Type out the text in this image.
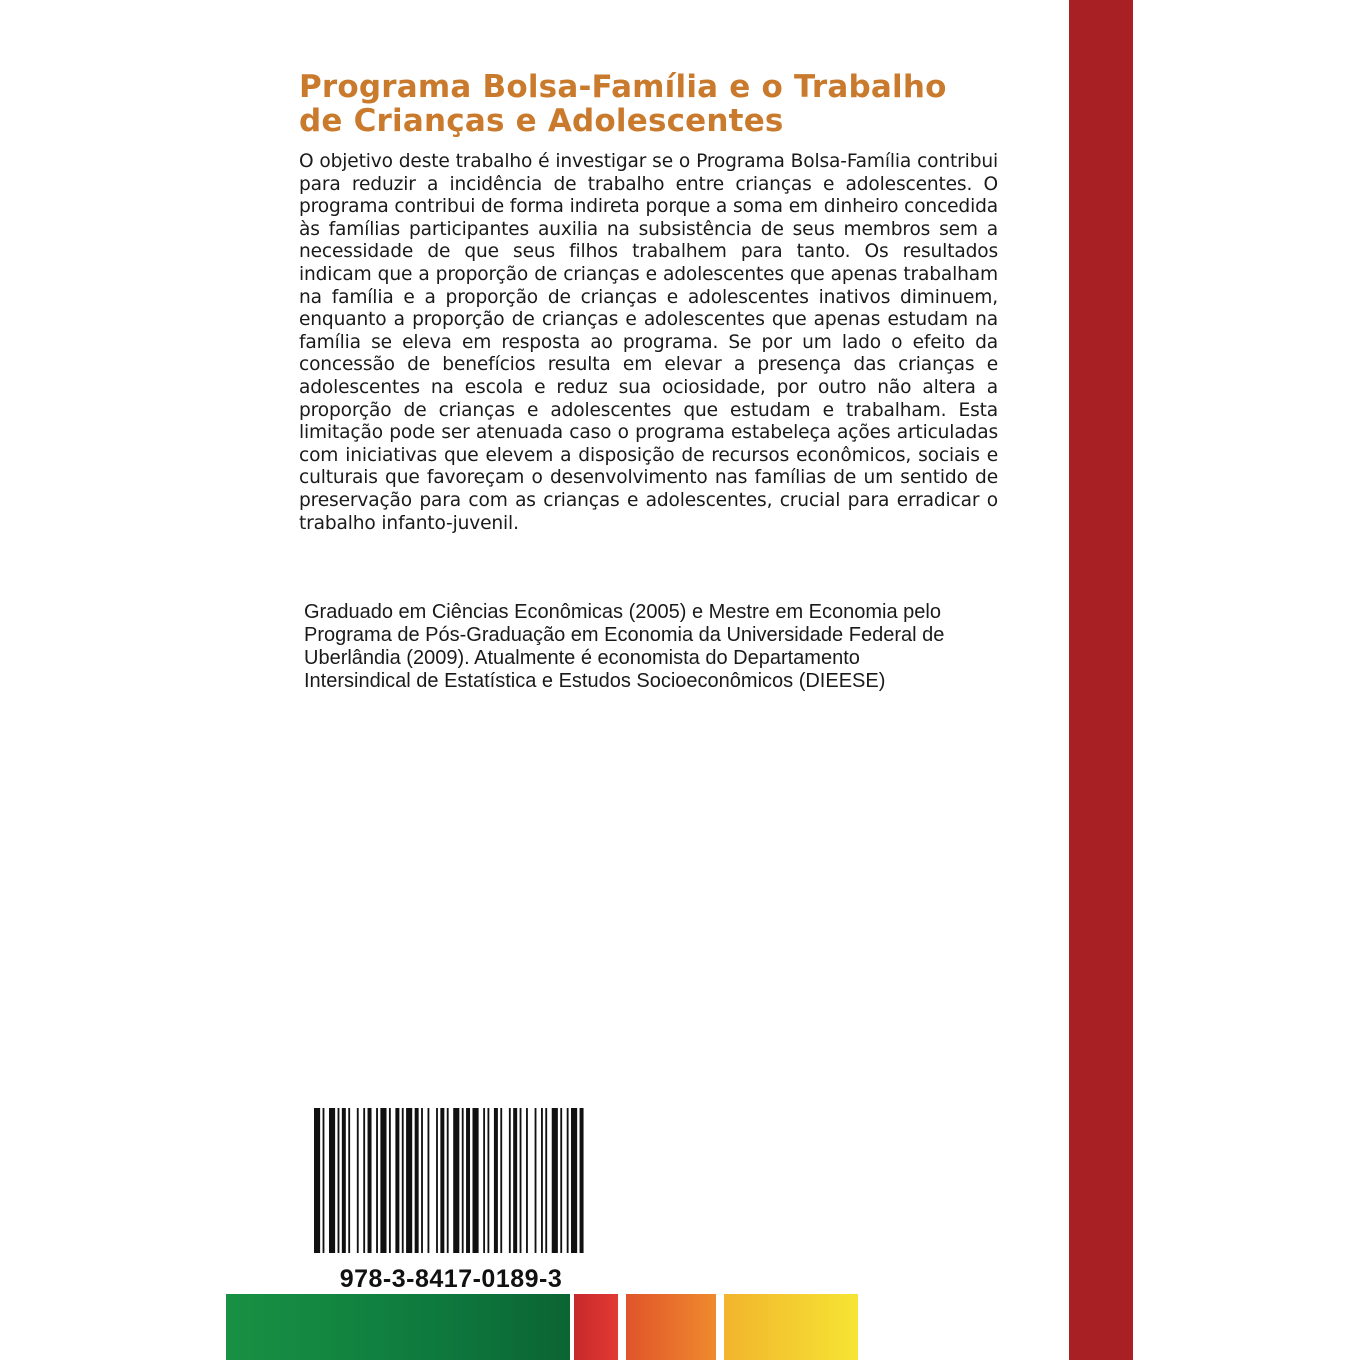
Programa Bolsa-Família e o Trabalho
de Crianças e Adolescentes

O objetivo deste trabalho é investigar se o Programa Bolsa-Família contribui para reduzir a incidência de trabalho entre crianças e adolescentes. O programa contribui de forma indireta porque a soma em dinheiro concedida às famílias participantes auxilia na subsistência de seus membros sem a necessidade de que seus filhos trabalhem para tanto. Os resultados indicam que a proporção de crianças e adolescentes que apenas trabalham na família e a proporção de crianças e adolescentes inativos diminuem, enquanto a proporção de crianças e adolescentes que apenas estudam na família se eleva em resposta ao programa. Se por um lado o efeito da concessão de benefícios resulta em elevar a presença das crianças e adolescentes na escola e reduz sua ociosidade, por outro não altera a proporção de crianças e adolescentes que estudam e trabalham. Esta limitação pode ser atenuada caso o programa estabeleça ações articuladas com iniciativas que elevem a disposição de recursos econômicos, sociais e culturais que favoreçam o desenvolvimento nas famílias de um sentido de preservação para com as crianças e adolescentes, crucial para erradicar o trabalho infanto-juvenil.

Graduado em Ciências Econômicas (2005) e Mestre em Economia pelo
Programa de Pós-Graduação em Economia da Universidade Federal de
Uberlândia (2009). Atualmente é economista do Departamento
Intersindical de Estatística e Estudos Socioeconômicos (DIEESE)
978-3-8417-0189-3
